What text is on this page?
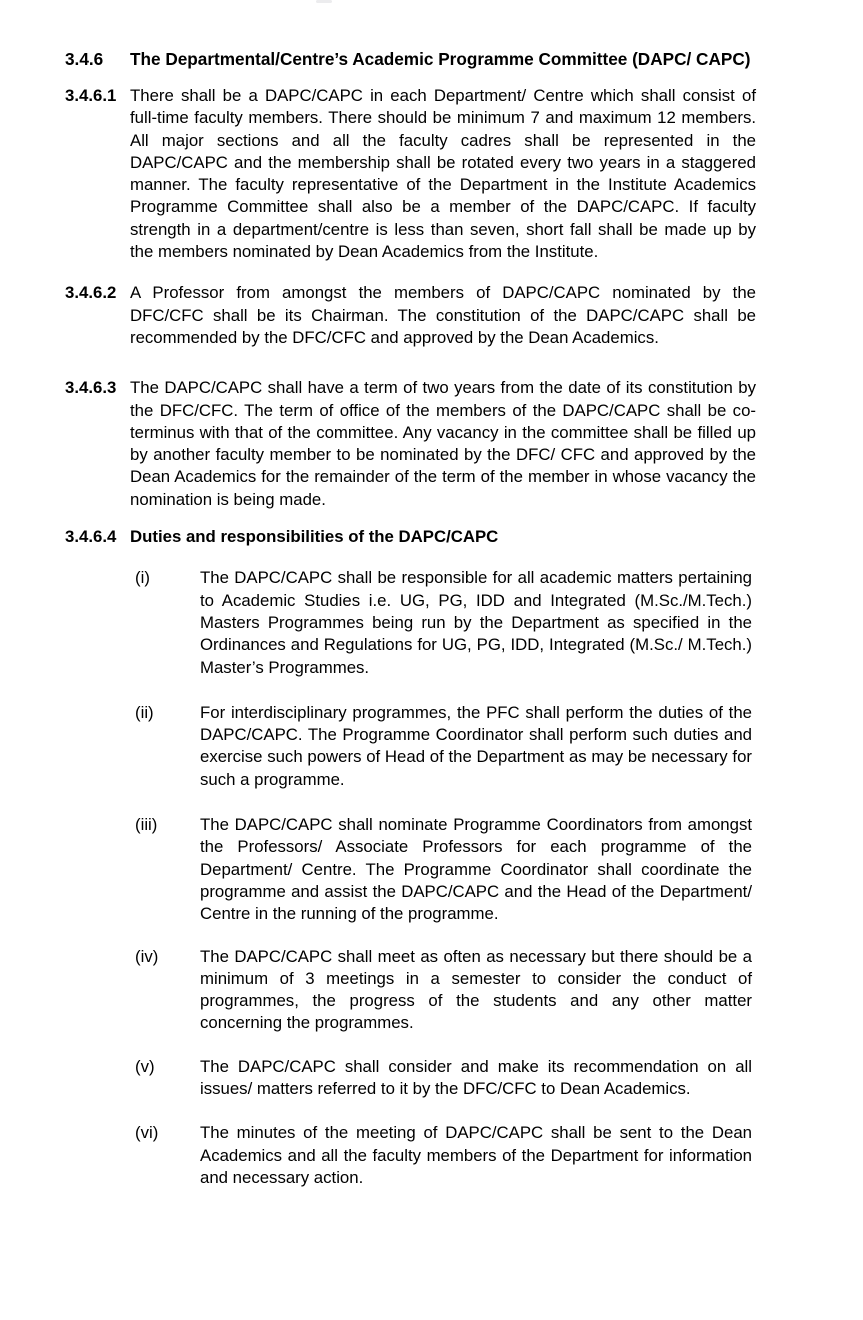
3.4.6 The Departmental/Centre’s Academic Programme Committee (DAPC/ CAPC)
3.4.6.1 There shall be a DAPC/CAPC in each Department/ Centre which shall consist of full-time faculty members. There should be minimum 7 and maximum 12 members. All major sections and all the faculty cadres shall be represented in the DAPC/CAPC and the membership shall be rotated every two years in a staggered manner. The faculty representative of the Department in the Institute Academics Programme Committee shall also be a member of the DAPC/CAPC. If faculty strength in a department/centre is less than seven, short fall shall be made up by the members nominated by Dean Academics from the Institute.
3.4.6.2 A Professor from amongst the members of DAPC/CAPC nominated by the DFC/CFC shall be its Chairman. The constitution of the DAPC/CAPC shall be recommended by the DFC/CFC and approved by the Dean Academics.
3.4.6.3 The DAPC/CAPC shall have a term of two years from the date of its constitution by the DFC/CFC. The term of office of the members of the DAPC/CAPC shall be co-terminus with that of the committee. Any vacancy in the committee shall be filled up by another faculty member to be nominated by the DFC/ CFC and approved by the Dean Academics for the remainder of the term of the member in whose vacancy the nomination is being made.
3.4.6.4 Duties and responsibilities of the DAPC/CAPC
(i)	The DAPC/CAPC shall be responsible for all academic matters pertaining to Academic Studies i.e. UG, PG, IDD and Integrated (M.Sc./M.Tech.) Masters Programmes being run by the Department as specified in the Ordinances and Regulations for UG, PG, IDD, Integrated (M.Sc./ M.Tech.) Master’s Programmes.
(ii)	For interdisciplinary programmes, the PFC shall perform the duties of the DAPC/CAPC. The Programme Coordinator shall perform such duties and exercise such powers of Head of the Department as may be necessary for such a programme.
(iii)	The DAPC/CAPC shall nominate Programme Coordinators from amongst the Professors/ Associate Professors for each programme of the Department/ Centre. The Programme Coordinator shall coordinate the programme and assist the DAPC/CAPC and the Head of the Department/ Centre in the running of the programme.
(iv) The DAPC/CAPC shall meet as often as necessary but there should be a minimum of 3 meetings in a semester to consider the conduct of programmes, the progress of the students and any other matter concerning the programmes.
(v)	The DAPC/CAPC shall consider and make its recommendation on all issues/ matters referred to it by the DFC/CFC to Dean Academics.
(vi) The minutes of the meeting of DAPC/CAPC shall be sent to the Dean Academics and all the faculty members of the Department for information and necessary action.
